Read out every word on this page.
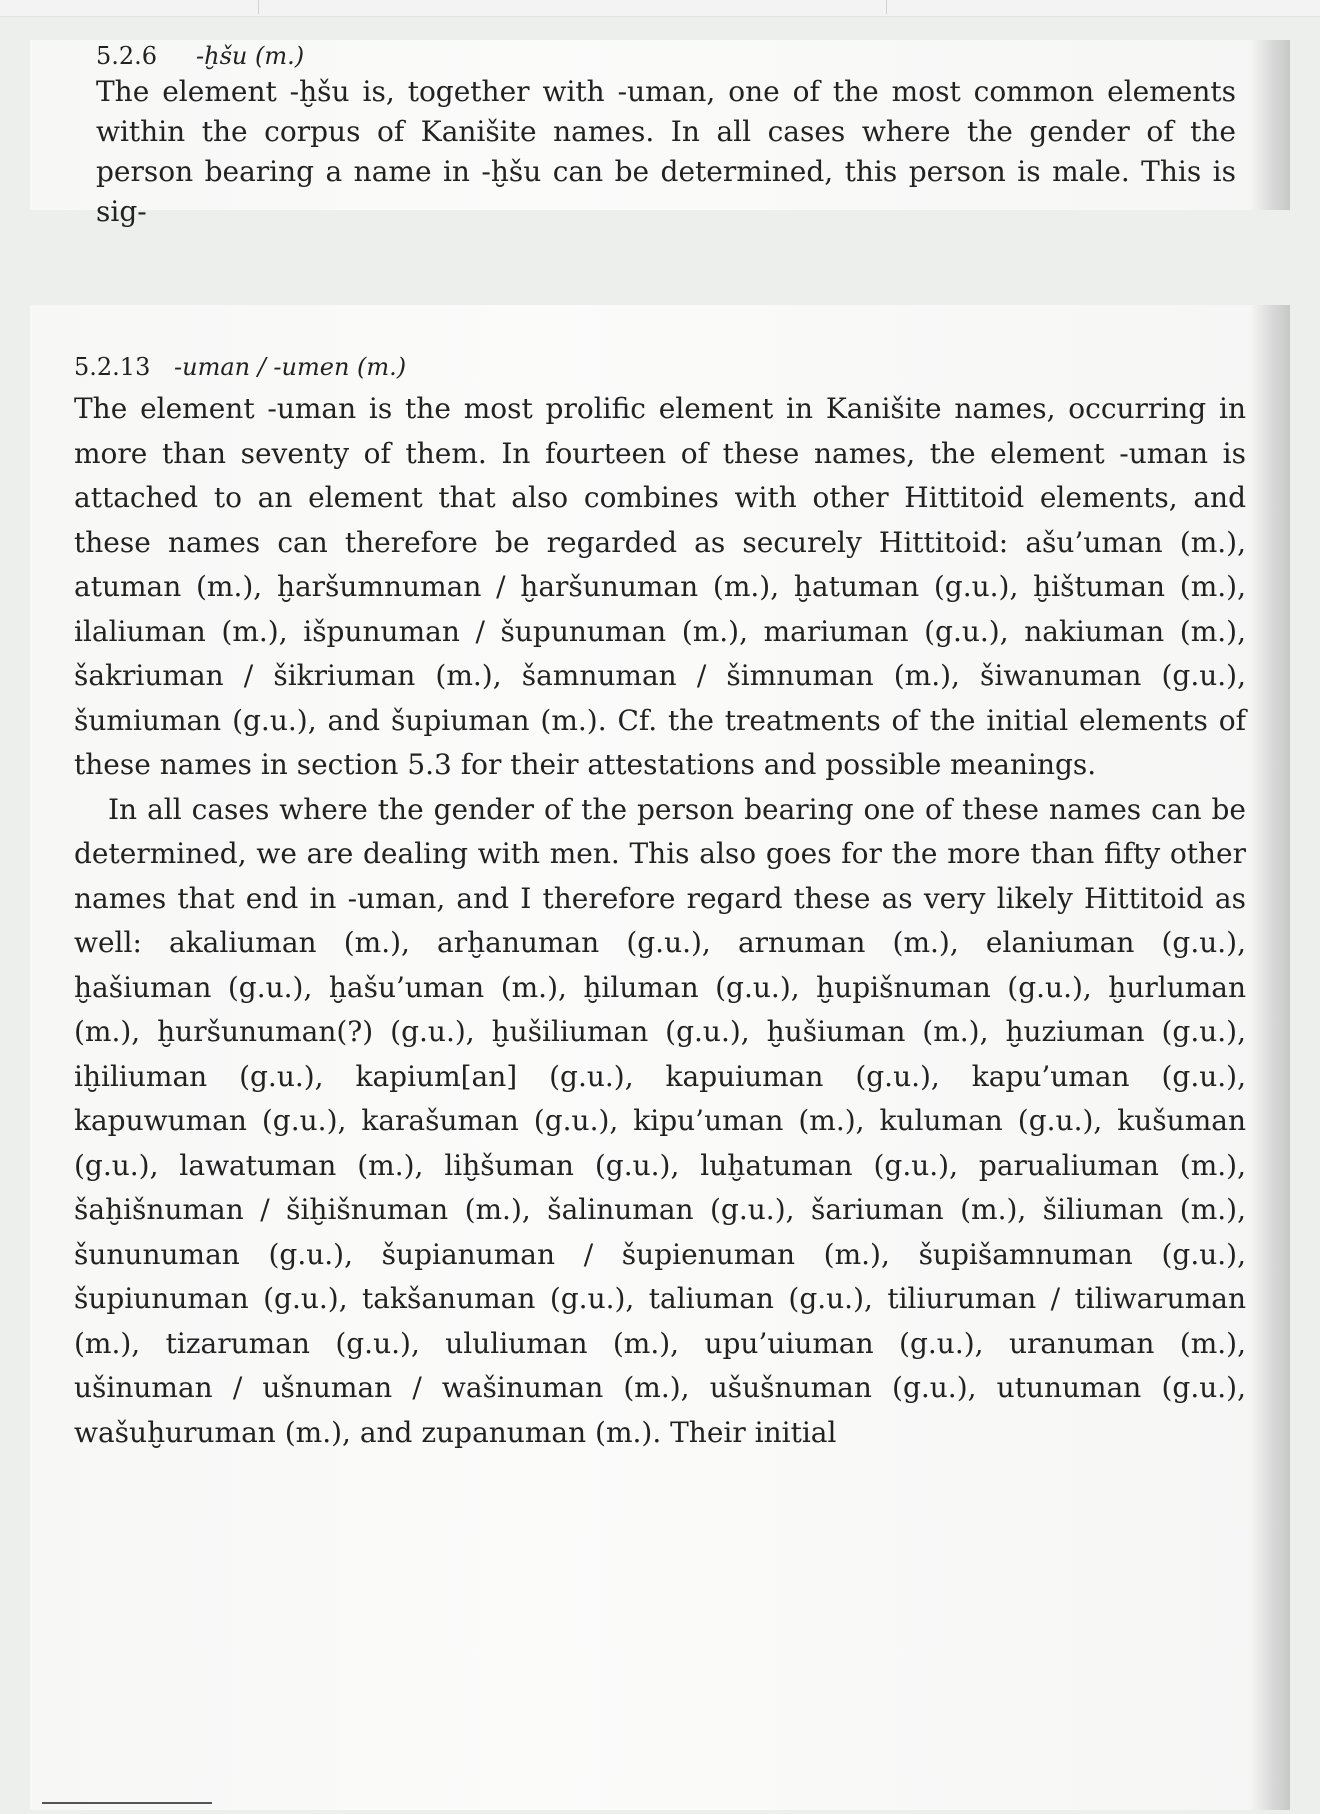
5.2.6 -ḫšu (m.)

The element -ḫšu is, together with -uman, one of the most common elements within the corpus of Kanišite names. In all cases where the gender of the person bearing a name in -ḫšu can be determined, this person is male. This is sig-

5.2.13 -uman / -umen (m.)

The element -uman is the most prolific element in Kanišite names, occurring in more than seventy of them. In fourteen of these names, the element -uman is attached to an element that also combines with other Hittitoid elements, and these names can therefore be regarded as securely Hittitoid: ašu’uman (m.), atuman (m.), ḫaršumnuman / ḫaršunuman (m.), ḫatuman (g.u.), ḫištuman (m.), ilaliuman (m.), išpunuman / šupunuman (m.), mariuman (g.u.), nakiuman (m.), šakriuman / šikriuman (m.), šamnuman / šimnuman (m.), šiwanuman (g.u.), šumiuman (g.u.), and šupiuman (m.). Cf. the treatments of the initial elements of these names in section 5.3 for their attestations and possible meanings.

In all cases where the gender of the person bearing one of these names can be determined, we are dealing with men. This also goes for the more than fifty other names that end in -uman, and I therefore regard these as very likely Hittitoid as well: akaliuman (m.), arḫanuman (g.u.), arnuman (m.), elaniuman (g.u.), ḫašiuman (g.u.), ḫašu’uman (m.), ḫiluman (g.u.), ḫupišnuman (g.u.), ḫurluman (m.), ḫuršunuman(?) (g.u.), ḫušiliuman (g.u.), ḫušiuman (m.), ḫuziuman (g.u.), iḫiliuman (g.u.), kapium[an] (g.u.), kapuiuman (g.u.), kapu’uman (g.u.), kapuwuman (g.u.), karašuman (g.u.), kipu’uman (m.), kuluman (g.u.), kušuman (g.u.), lawatuman (m.), liḫšuman (g.u.), luḫatuman (g.u.), parualiuman (m.), šaḫišnuman / šiḫišnuman (m.), šalinuman (g.u.), šariuman (m.), šiliuman (m.), šununuman (g.u.), šupianuman / šupienuman (m.), šupišamnuman (g.u.), šupiunuman (g.u.), takšanuman (g.u.), taliuman (g.u.), tiliuruman / tiliwaruman (m.), tizaruman (g.u.), ululiuman (m.), upu’uiuman (g.u.), uranuman (m.), ušinuman / ušnuman / wašinuman (m.), ušušnuman (g.u.), utunuman (g.u.), wašuḫuruman (m.), and zupanuman (m.). Their initial
